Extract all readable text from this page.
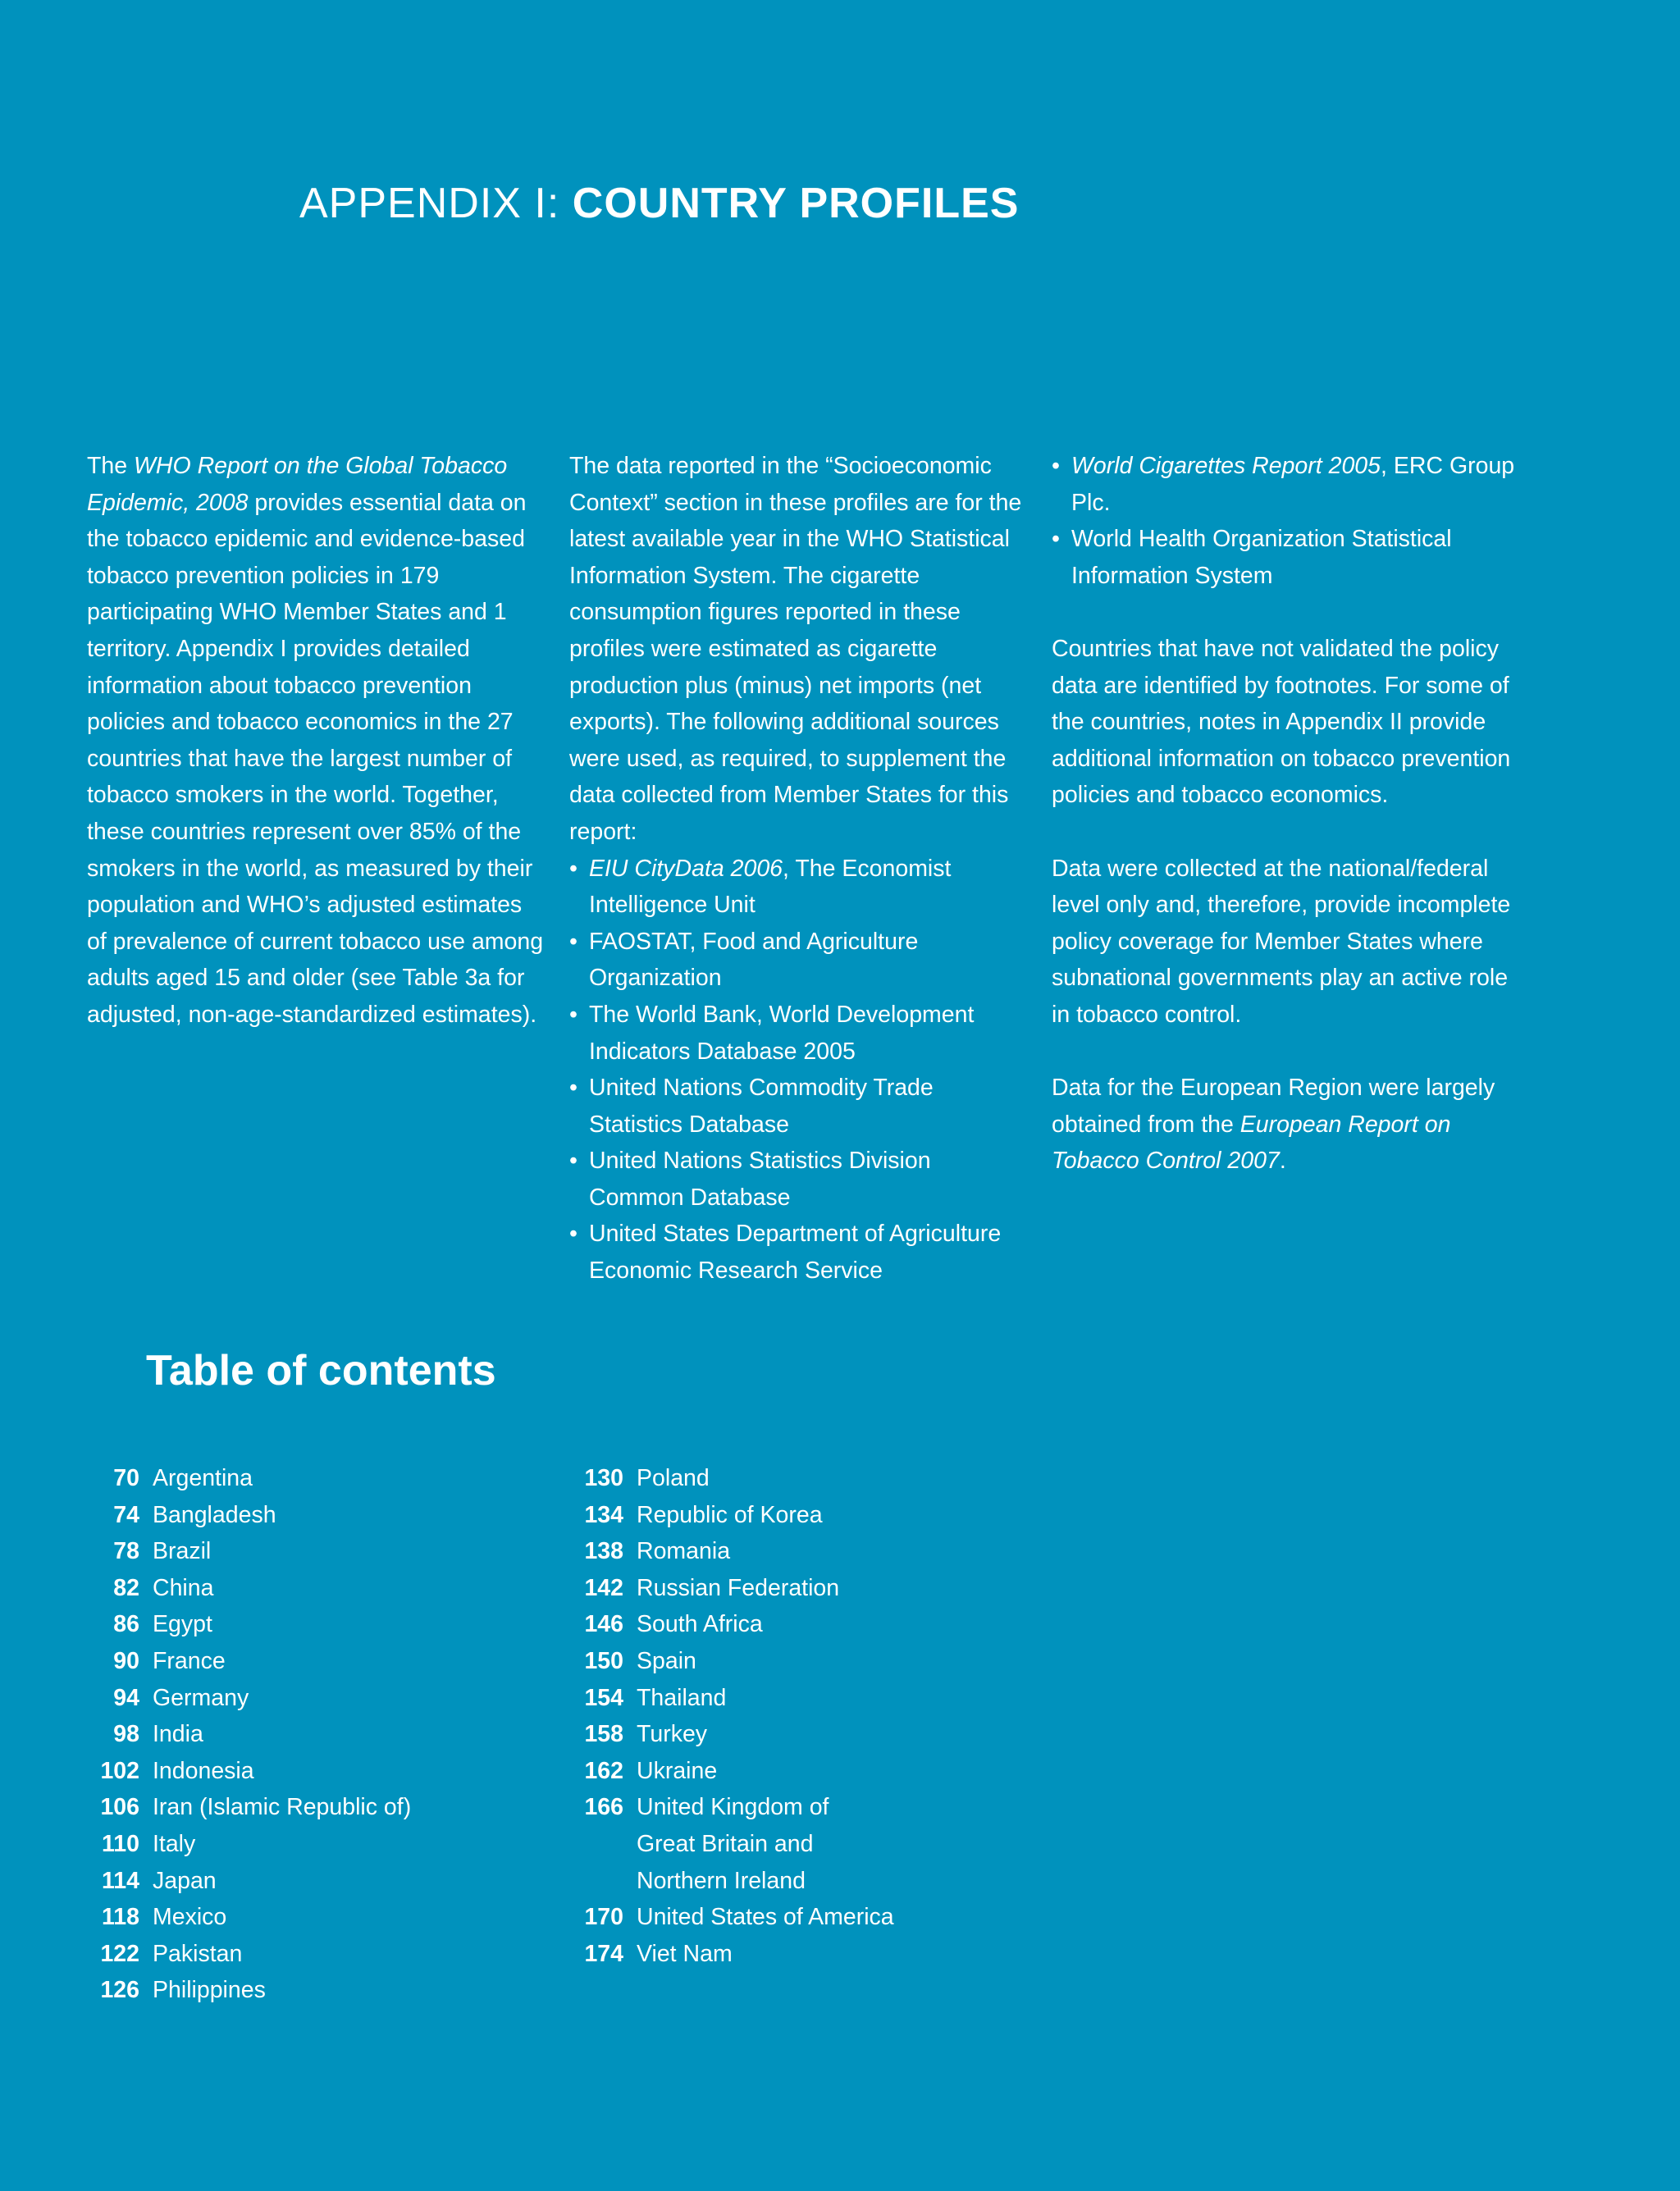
APPENDIX I: COUNTRY PROFILES

The WHO Report on the Global Tobacco Epidemic, 2008 provides essential data on the tobacco epidemic and evidence-based tobacco prevention policies in 179 participating WHO Member States and 1 territory. Appendix I provides detailed information about tobacco prevention policies and tobacco economics in the 27 countries that have the largest number of tobacco smokers in the world. Together, these countries represent over 85% of the smokers in the world, as measured by their population and WHO’s adjusted estimates of prevalence of current tobacco use among adults aged 15 and older (see Table 3a for adjusted, non-age-standardized estimates).

The data reported in the “Socioeconomic Context” section in these profiles are for the latest available year in the WHO Statistical Information System. The cigarette consumption figures reported in these profiles were estimated as cigarette production plus (minus) net imports (net exports). The following additional sources were used, as required, to supplement the data collected from Member States for this report:

• EIU CityData 2006, The Economist Intelligence Unit
• FAOSTAT, Food and Agriculture Organization
• The World Bank, World Development Indicators Database 2005
• United Nations Commodity Trade Statistics Database
• United Nations Statistics Division Common Database
• United States Department of Agriculture Economic Research Service
• World Cigarettes Report 2005, ERC Group Plc.
• World Health Organization Statistical Information System

Countries that have not validated the policy data are identified by footnotes. For some of the countries, notes in Appendix II provide additional information on tobacco prevention policies and tobacco economics.

Data were collected at the national/federal level only and, therefore, provide incomplete policy coverage for Member States where subnational governments play an active role in tobacco control.

Data for the European Region were largely obtained from the European Report on Tobacco Control 2007.

Table of contents
70 Argentina
74 Bangladesh
78 Brazil
82 China
86 Egypt
90 France
94 Germany
98 India
102 Indonesia
106 Iran (Islamic Republic of)
110 Italy
114 Japan
118 Mexico
122 Pakistan
126 Philippines
130 Poland
134 Republic of Korea
138 Romania
142 Russian Federation
146 South Africa
150 Spain
154 Thailand
158 Turkey
162 Ukraine
166 United Kingdom of Great Britain and Northern Ireland
170 United States of America
174 Viet Nam
